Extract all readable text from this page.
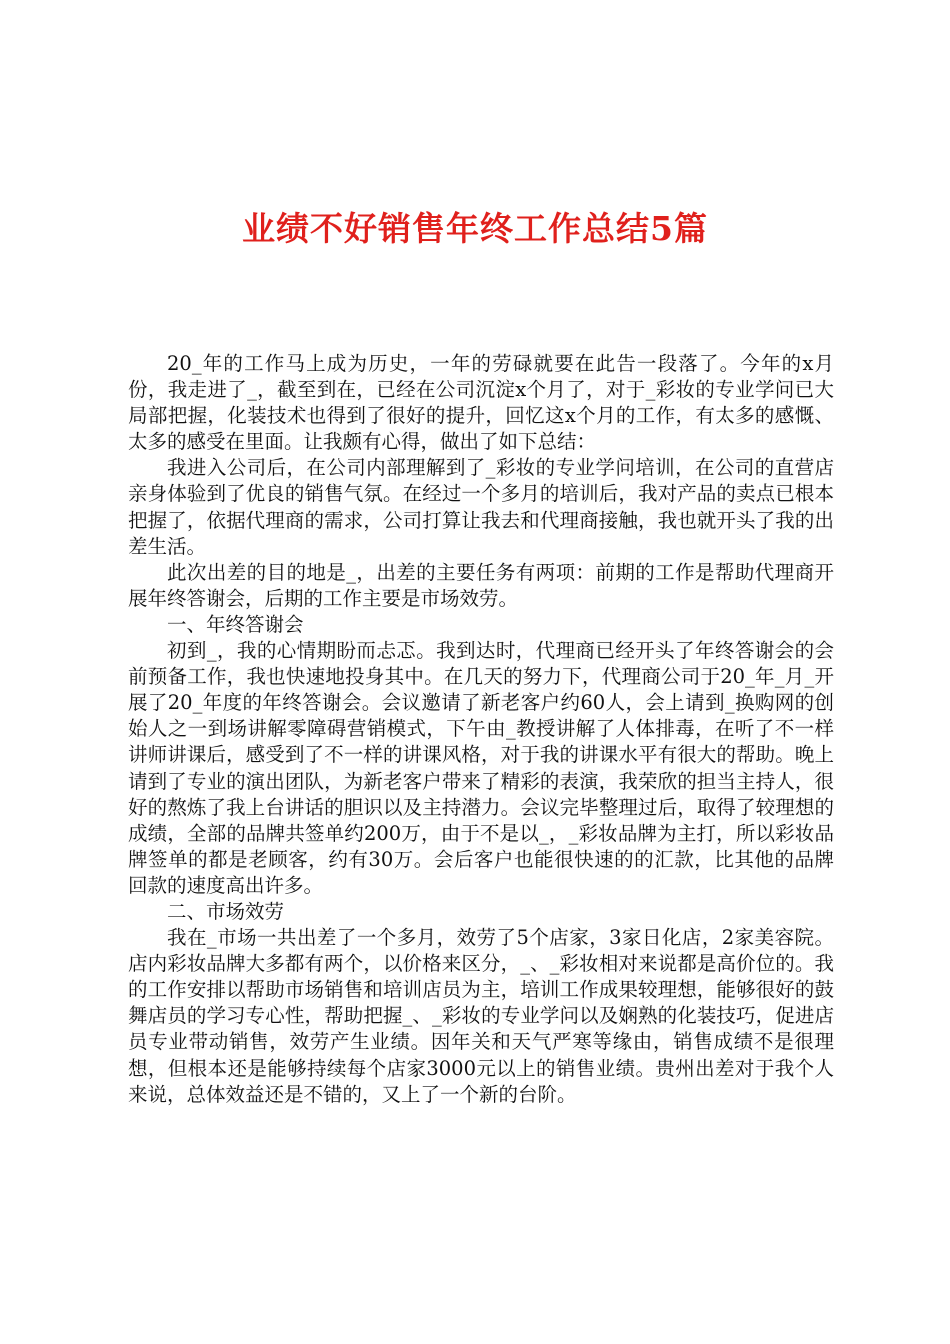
业绩不好销售年终工作总结5篇

20_年的工作马上成为历史，一年的劳碌就要在此告一段落了。今年的x月份，我走进了_，截至到在，已经在公司沉淀x个月了，对于_彩妆的专业学问已大局部把握，化装技术也得到了很好的提升，回忆这x个月的工作，有太多的感慨、太多的感受在里面。让我颇有心得，做出了如下总结：

我进入公司后，在公司内部理解到了_彩妆的专业学问培训，在公司的直营店亲身体验到了优良的销售气氛。在经过一个多月的培训后，我对产品的卖点已根本把握了，依据代理商的需求，公司打算让我去和代理商接触，我也就开头了我的出差生活。

此次出差的目的地是_，出差的主要任务有两项：前期的工作是帮助代理商开展年终答谢会，后期的工作主要是市场效劳。

一、年终答谢会

初到_，我的心情期盼而忐忑。我到达时，代理商已经开头了年终答谢会的会前预备工作，我也快速地投身其中。在几天的努力下，代理商公司于20_年_月_开展了20_年度的年终答谢会。会议邀请了新老客户约60人，会上请到_换购网的创始人之一到场讲解零障碍营销模式，下午由_教授讲解了人体排毒，在听了不一样讲师讲课后，感受到了不一样的讲课风格，对于我的讲课水平有很大的帮助。晚上请到了专业的演出团队，为新老客户带来了精彩的表演，我荣欣的担当主持人，很好的熬炼了我上台讲话的胆识以及主持潜力。会议完毕整理过后，取得了较理想的成绩，全部的品牌共签单约200万，由于不是以_，_彩妆品牌为主打，所以彩妆品牌签单的都是老顾客，约有30万。会后客户也能很快速的的汇款，比其他的品牌回款的速度高出许多。

二、市场效劳

我在_市场一共出差了一个多月，效劳了5个店家，3家日化店，2家美容院。店内彩妆品牌大多都有两个，以价格来区分，_、_彩妆相对来说都是高价位的。我的工作安排以帮助市场销售和培训店员为主，培训工作成果较理想，能够很好的鼓舞店员的学习专心性，帮助把握_、_彩妆的专业学问以及娴熟的化装技巧，促进店员专业带动销售，效劳产生业绩。因年关和天气严寒等缘由，销售成绩不是很理想，但根本还是能够持续每个店家3000元以上的销售业绩。贵州出差对于我个人来说，总体效益还是不错的，又上了一个新的台阶。
